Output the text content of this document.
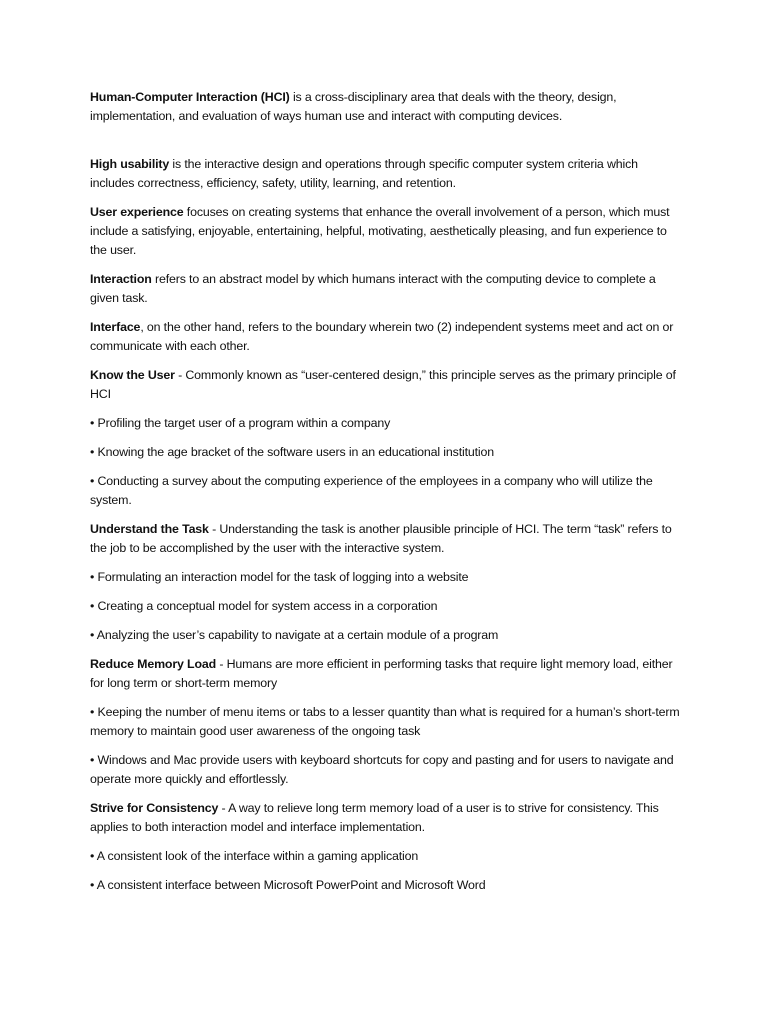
Human-Computer Interaction (HCI) is a cross-disciplinary area that deals with the theory, design, implementation, and evaluation of ways human use and interact with computing devices.

High usability is the interactive design and operations through specific computer system criteria which includes correctness, efficiency, safety, utility, learning, and retention.

User experience focuses on creating systems that enhance the overall involvement of a person, which must include a satisfying, enjoyable, entertaining, helpful, motivating, aesthetically pleasing, and fun experience to the user.

Interaction refers to an abstract model by which humans interact with the computing device to complete a given task.

Interface, on the other hand, refers to the boundary wherein two (2) independent systems meet and act on or communicate with each other.

Know the User - Commonly known as “user-centered design,” this principle serves as the primary principle of HCI

• Profiling the target user of a program within a company

• Knowing the age bracket of the software users in an educational institution

• Conducting a survey about the computing experience of the employees in a company who will utilize the system.

Understand the Task - Understanding the task is another plausible principle of HCI. The term “task” refers to the job to be accomplished by the user with the interactive system.

• Formulating an interaction model for the task of logging into a website

• Creating a conceptual model for system access in a corporation

• Analyzing the user’s capability to navigate at a certain module of a program

Reduce Memory Load - Humans are more efficient in performing tasks that require light memory load, either for long term or short-term memory

• Keeping the number of menu items or tabs to a lesser quantity than what is required for a human’s short-term memory to maintain good user awareness of the ongoing task

• Windows and Mac provide users with keyboard shortcuts for copy and pasting and for users to navigate and operate more quickly and effortlessly.

Strive for Consistency - A way to relieve long term memory load of a user is to strive for consistency. This applies to both interaction model and interface implementation.

• A consistent look of the interface within a gaming application

• A consistent interface between Microsoft PowerPoint and Microsoft Word
